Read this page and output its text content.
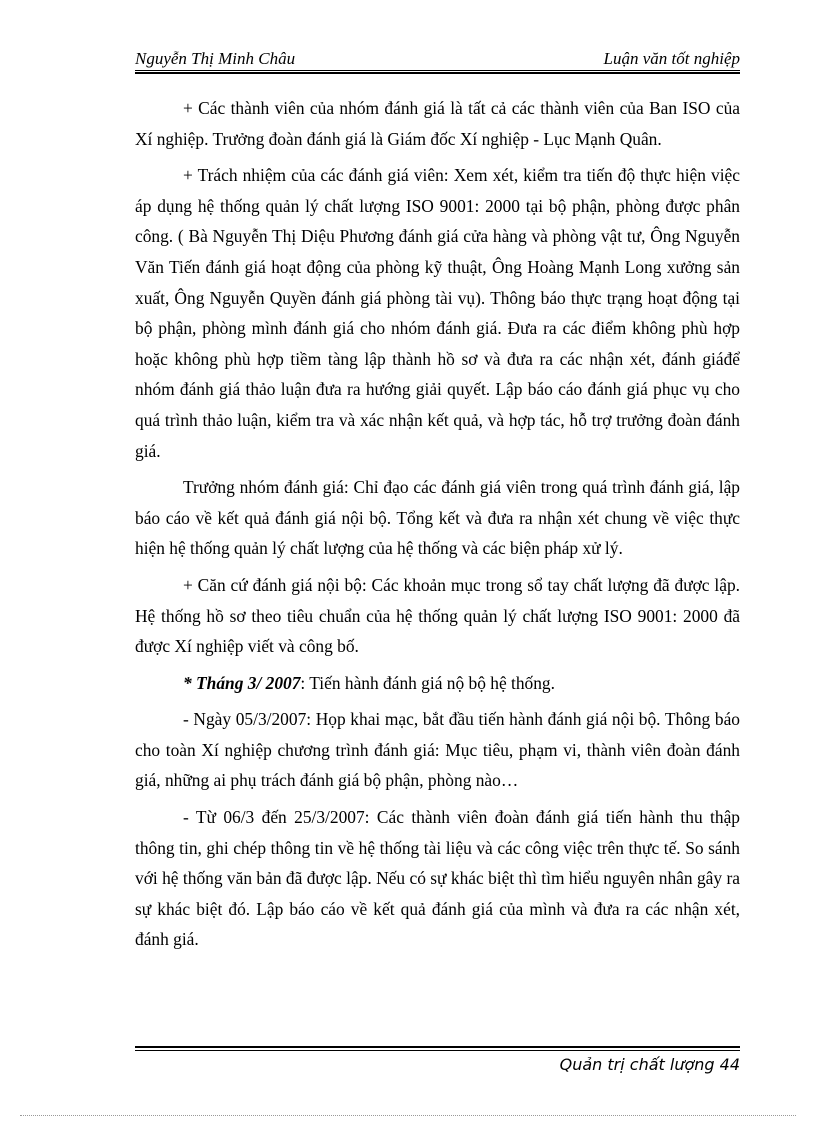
Nguyễn Thị Minh Châu	Luận văn tốt nghiệp

+ Các thành viên của nhóm đánh giá là tất cả các thành viên của Ban ISO của Xí nghiệp. Trưởng đoàn đánh giá là Giám đốc Xí nghiệp - Lục Mạnh Quân.

+ Trách nhiệm của các đánh giá viên: Xem xét, kiểm tra tiến độ thực hiện việc áp dụng hệ thống quản lý chất lượng ISO 9001: 2000 tại bộ phận, phòng được phân công. ( Bà Nguyễn Thị Diệu Phương đánh giá cửa hàng và phòng vật tư, Ông Nguyễn Văn Tiến đánh giá hoạt động của phòng kỹ thuật, Ông Hoàng Mạnh Long xưởng sản xuất, Ông Nguyễn Quyền đánh giá phòng tài vụ). Thông báo thực trạng hoạt động tại bộ phận, phòng mình đánh giá cho nhóm đánh giá. Đưa ra các điểm không phù hợp hoặc không phù hợp tiềm tàng lập thành hồ sơ và đưa ra các nhận xét, đánh giáđể nhóm đánh giá thảo luận đưa ra hướng giải quyết. Lập báo cáo đánh giá phục vụ cho quá trình thảo luận, kiểm tra và xác nhận kết quả, và hợp tác, hỗ trợ trưởng đoàn đánh giá.

Trưởng nhóm đánh giá: Chỉ đạo các đánh giá viên trong quá trình đánh giá, lập báo cáo về kết quả đánh giá nội bộ. Tổng kết và đưa ra nhận xét chung về việc thực hiện hệ thống quản lý chất lượng của hệ thống và các biện pháp xử lý.

+ Căn cứ đánh giá nội bộ: Các khoản mục trong sổ tay chất lượng đã được lập. Hệ thống hồ sơ theo tiêu chuẩn của hệ thống quản lý chất lượng ISO 9001: 2000 đã được Xí nghiệp viết và công bố.

* Tháng 3/ 2007: Tiến hành đánh giá nộ bộ hệ thống.

- Ngày 05/3/2007: Họp khai mạc, bắt đầu tiến hành đánh giá nội bộ. Thông báo cho toàn Xí nghiệp chương trình đánh giá: Mục tiêu, phạm vi, thành viên đoàn đánh giá, những ai phụ trách đánh giá bộ phận, phòng nào…

- Từ 06/3 đến 25/3/2007: Các thành viên đoàn đánh giá tiến hành thu thập thông tin, ghi chép thông tin về hệ thống tài liệu và các công việc trên thực tế. So sánh với hệ thống văn bản đã được lập. Nếu có sự khác biệt thì tìm hiểu nguyên nhân gây ra sự khác biệt đó. Lập báo cáo về kết quả đánh giá của mình và đưa ra các nhận xét, đánh giá.

Quản trị chất lượng 44
